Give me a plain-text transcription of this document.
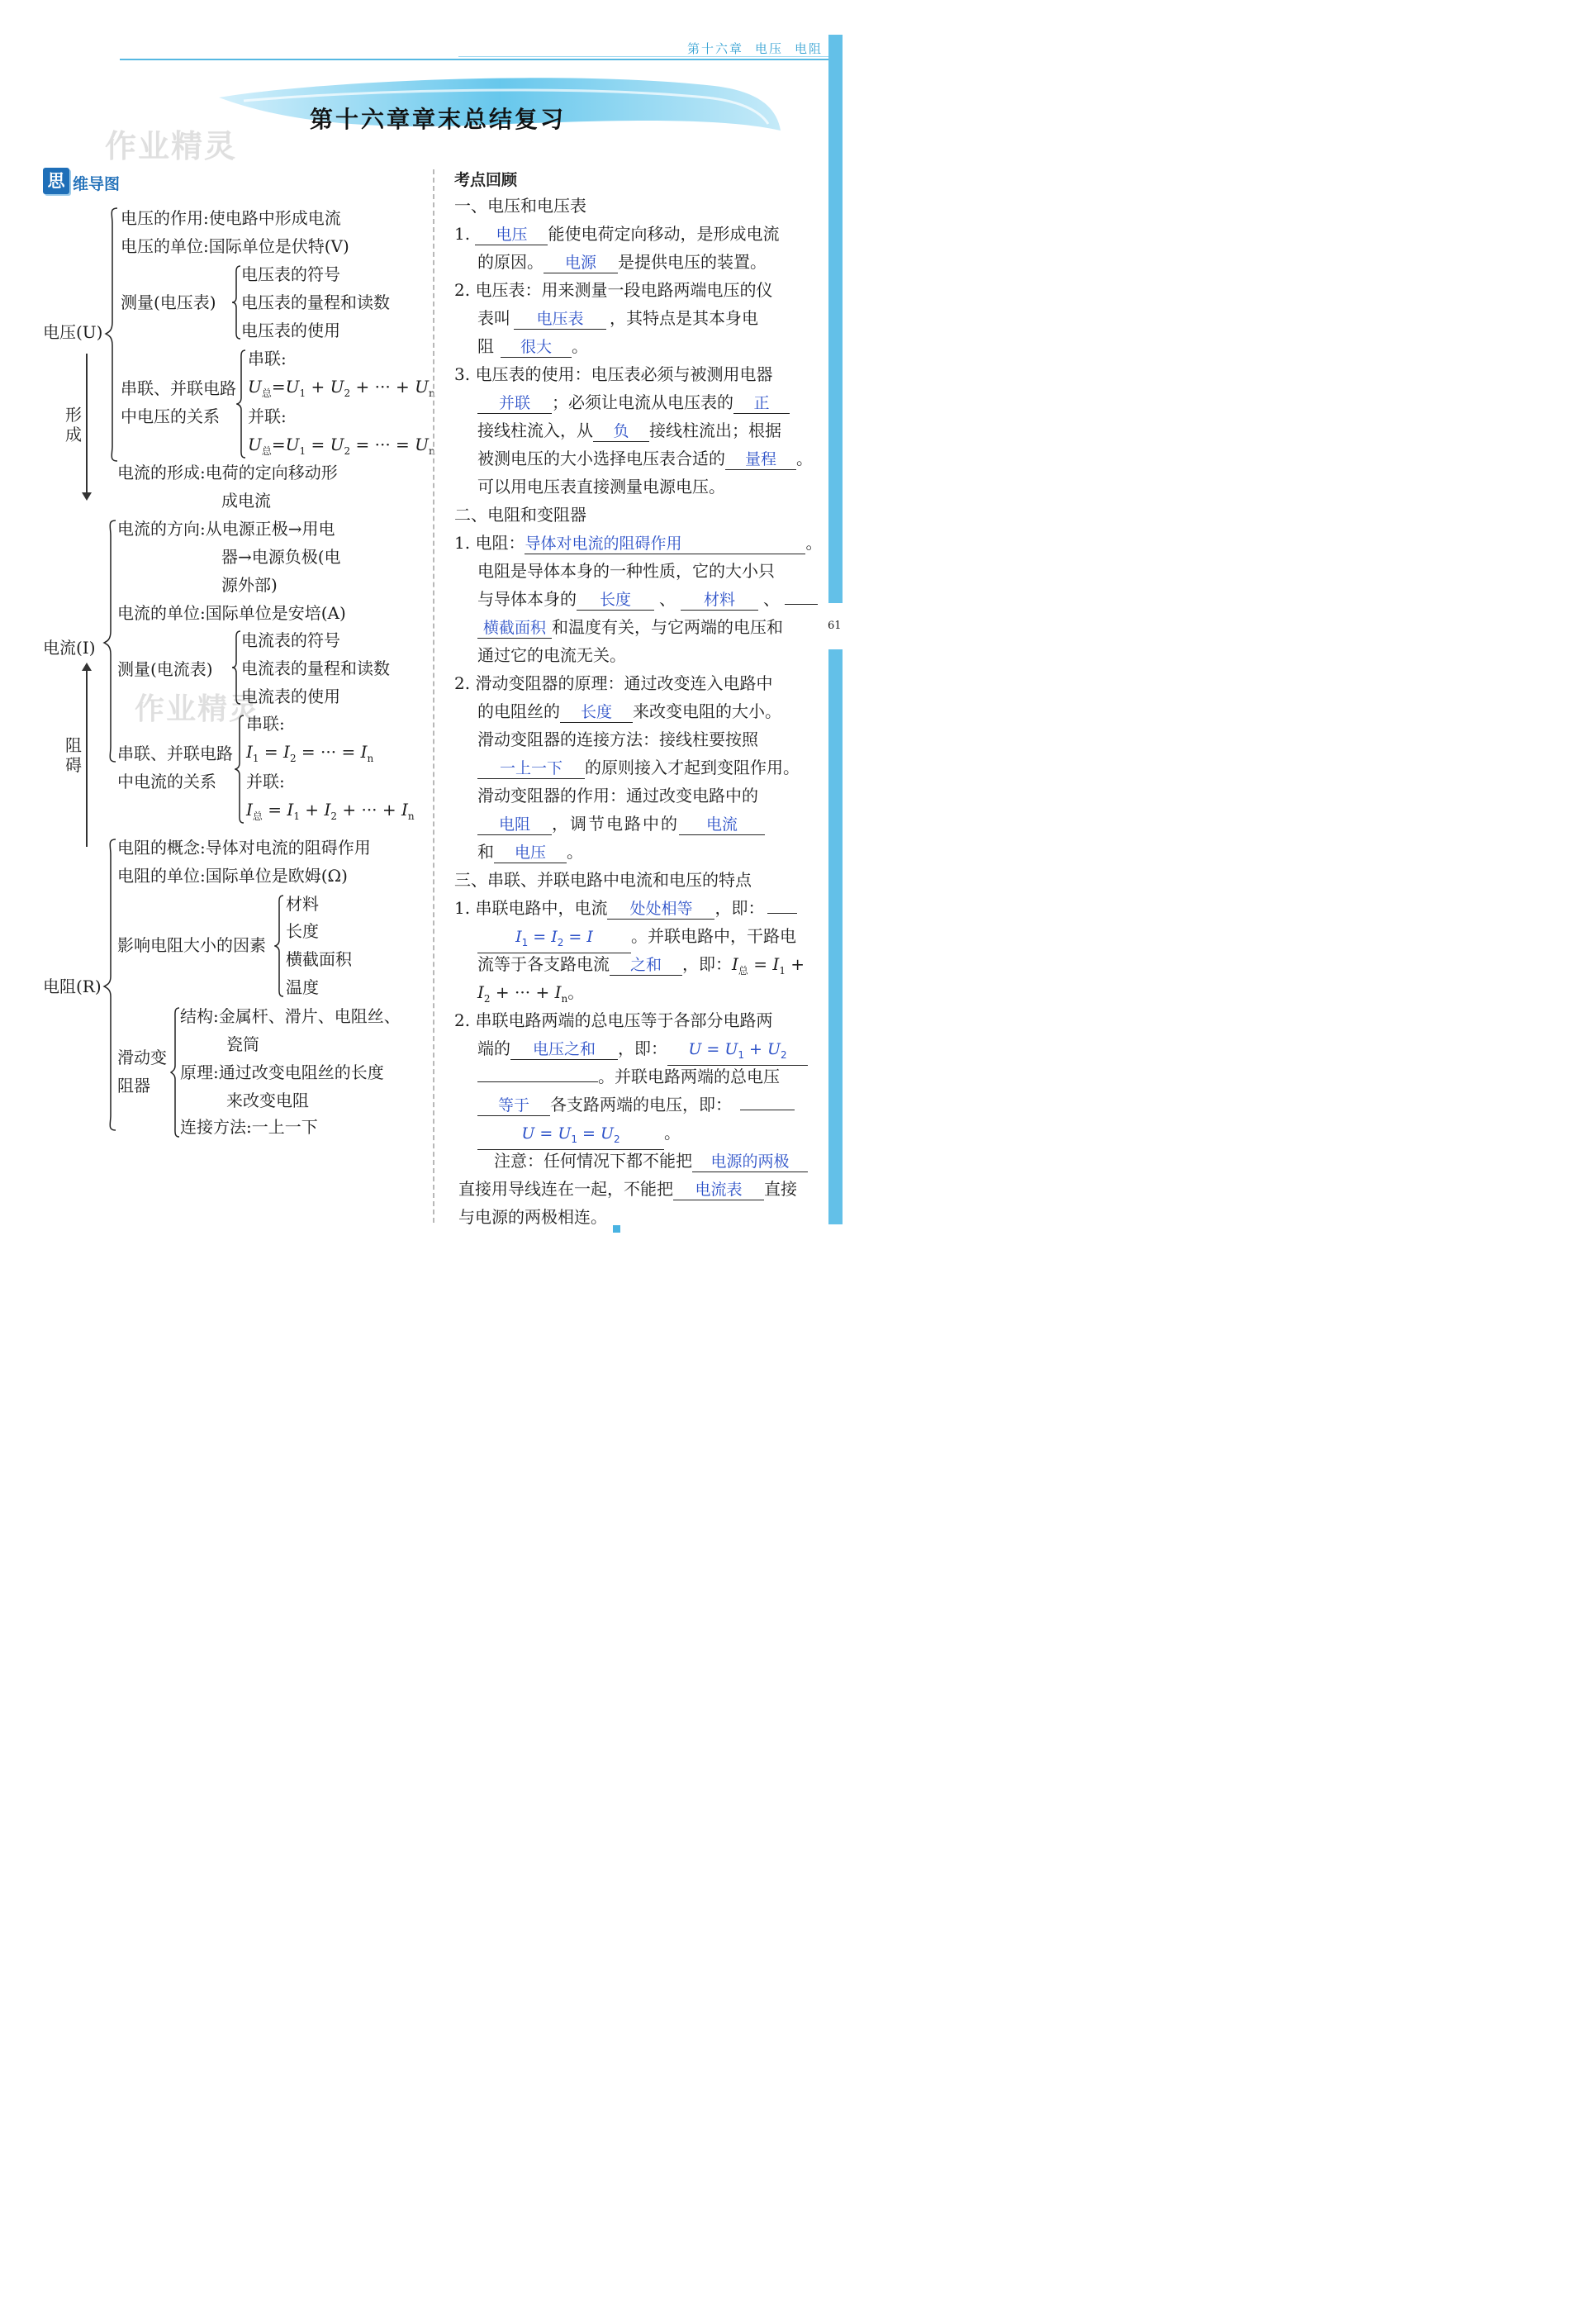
第十六章 电压 电阻
61
第十六章章末总结复习
作业精灵
作业精灵
思 维导图
电压(U)
电压的作用:使电路中形成电流
电压的单位:国际单位是伏特(V)
测量(电压表)
电压表的符号
电压表的量程和读数
电压表的使用
串联、并联电路
中电压的关系
串联:
$U_总=U_1 + U_2$ + ··· + $U_n$
并联:
$U_总=U_1 = U_2$ = ··· = $U_n$
形
成
电流的形成:电荷的定向移动形
成电流
电流(I)
电流的方向:从电源正极→用电
器→电源负极(电
源外部)
电流的单位:国际单位是安培(A)
测量(电流表)
电流表的符号
电流表的量程和读数
电流表的使用
串联、并联电路
中电流的关系
串联:
$I_1 = I_2$ = ··· = $I_n$
并联:
$I_总 = I_1 + I_2$ + ··· + $I_n$
阻
碍
电阻(R)
电阻的概念:导体对电流的阻碍作用
电阻的单位:国际单位是欧姆(Ω)
影响电阻大小的因素
材料
长度
横截面积
温度
滑动变
阻器
结构:金属杆、滑片、电阻丝、
瓷筒
原理:通过改变电阻丝的长度
来改变电阻
连接方法:一上一下
考点回顾
一、电压和电压表
1. 电压 能使电荷定向移动，是形成电流
的原因。 电源 是提供电压的装置。
2. 电压表：用来测量一段电路两端电压的仪
表叫 电压表 ，其特点是其本身电
阻 很大 。
3. 电压表的使用：电压表必须与被测用电器
并联 ；必须让电流从电压表的 正
接线柱流入，从 负 接线柱流出；根据
被测电压的大小选择电压表合适的 量程 。
可以用电压表直接测量电源电压。
二、电阻和变阻器
1. 电阻：导体对电流的阻碍作用	。
电阻是导体本身的一种性质，它的大小只
与导体本身的 长度 、 材料 、
横截面积 和温度有关，与它两端的电压和
通过它的电流无关。
2. 滑动变阻器的原理：通过改变连入电路中
的电阻丝的 长度 来改变电阻的大小。
滑动变阻器的连接方法：接线柱要按照
一上一下 的原则接入才起到变阻作用。
滑动变阻器的作用：通过改变电路中的
电阻 ，调节电路中的 电流
和 电压 。
三、串联、并联电路中电流和电压的特点
1. 串联电路中，电流 处处相等 ，即：
$I_1 = I_2 = I$ 。并联电路中，干路电
流等于各支路电流 之和 ，即：$I_总 = I_1$ +
$I_2$ + ··· + $I_n$。
2. 串联电路两端的总电压等于各部分电路两
端的 电压之和 ，即： $U = U_1 + U_2$
。并联电路两端的总电压
等于 各支路两端的电压，即：
$U = U_1 = U_2$	。
注意：任何情况下都不能把 电源的两极
直接用导线连在一起，不能把 电流表 直接
与电源的两极相连。
